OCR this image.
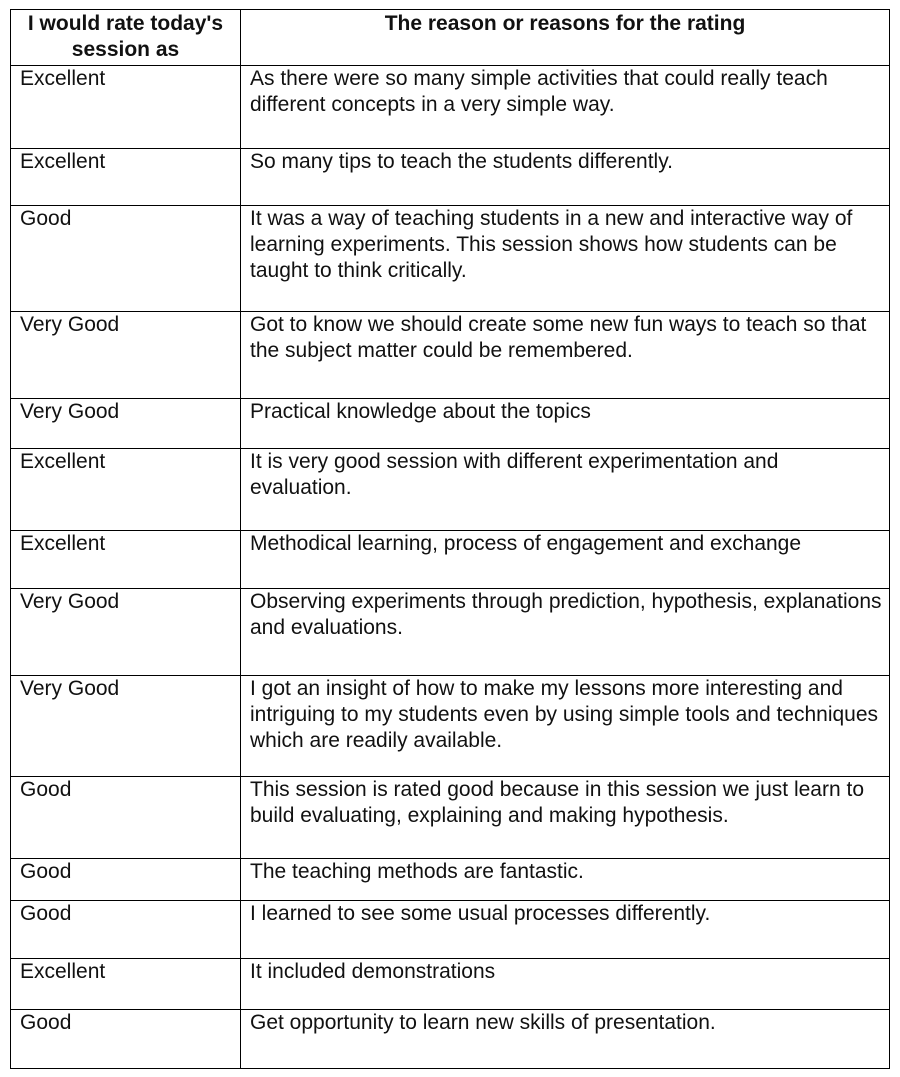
I would rate today's session as	The reason or reasons for the rating
Excellent	As there were so many simple activities that could really teach different concepts in a very simple way.
Excellent	So many tips to teach the students differently.
Good	It was a way of teaching students in a new and interactive way of learning experiments. This session shows how students can be taught to think critically.
Very Good	Got to know we should create some new fun ways to teach so that the subject matter could be remembered.
Very Good	Practical knowledge about the topics
Excellent	It is very good session with different experimentation and evaluation.
Excellent	Methodical learning, process of engagement and exchange
Very Good	Observing experiments through prediction, hypothesis, explanations and evaluations.
Very Good	I got an insight of how to make my lessons more interesting and intriguing to my students even by using simple tools and techniques which are readily available.
Good	This session is rated good because in this session we just learn to build evaluating, explaining and making hypothesis.
Good	The teaching methods are fantastic.
Good	I learned to see some usual processes differently.
Excellent	It included demonstrations
Good	Get opportunity to learn new skills of presentation.
